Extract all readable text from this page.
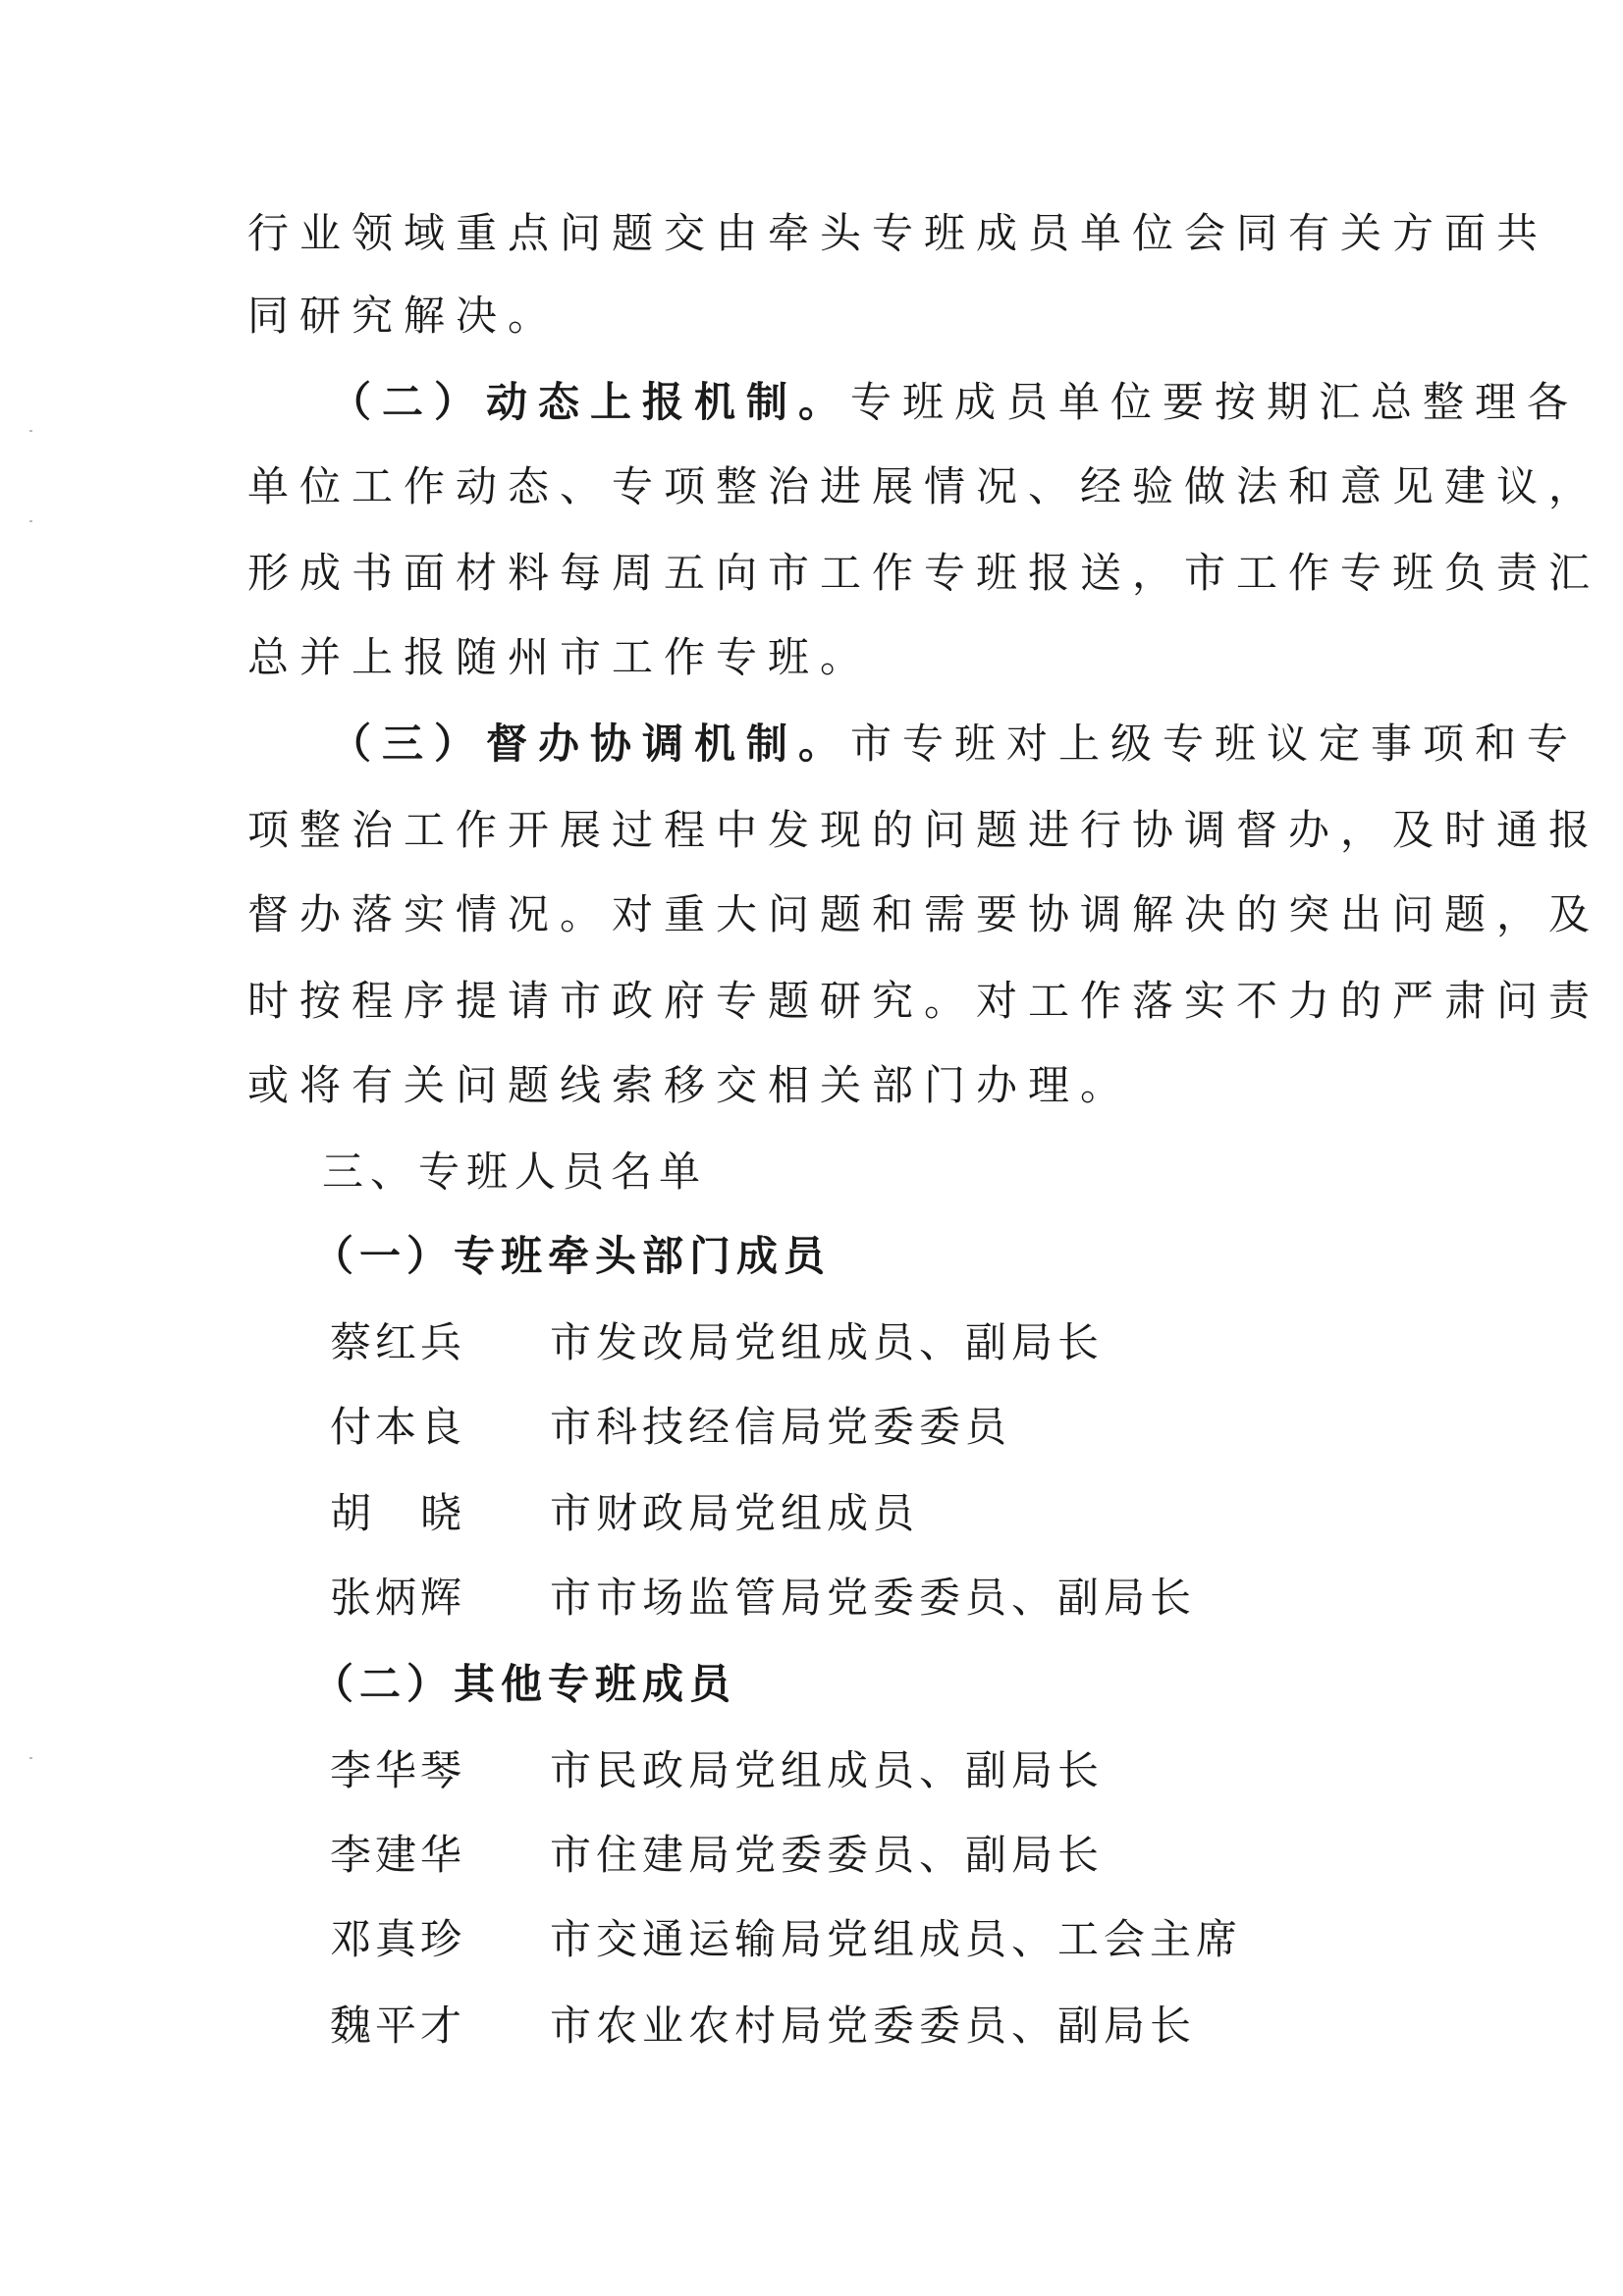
行业领域重点问题交由牵头专班成员单位会同有关方面共
同研究解决。
（二）动态上报机制。专班成员单位要按期汇总整理各
单位工作动态、专项整治进展情况、经验做法和意见建议，
形成书面材料每周五向市工作专班报送，市工作专班负责汇
总并上报随州市工作专班。
（三）督办协调机制。市专班对上级专班议定事项和专
项整治工作开展过程中发现的问题进行协调督办，及时通报
督办落实情况。对重大问题和需要协调解决的突出问题，及
时按程序提请市政府专题研究。对工作落实不力的严肃问责
或将有关问题线索移交相关部门办理。
三、专班人员名单
（一）专班牵头部门成员
蔡红兵 市发改局党组成员、副局长
付本良 市科技经信局党委委员
胡　晓 市财政局党组成员
张炳辉 市市场监管局党委委员、副局长
（二）其他专班成员
李华琴 市民政局党组成员、副局长
李建华 市住建局党委委员、副局长
邓真珍 市交通运输局党组成员、工会主席
魏平才 市农业农村局党委委员、副局长
